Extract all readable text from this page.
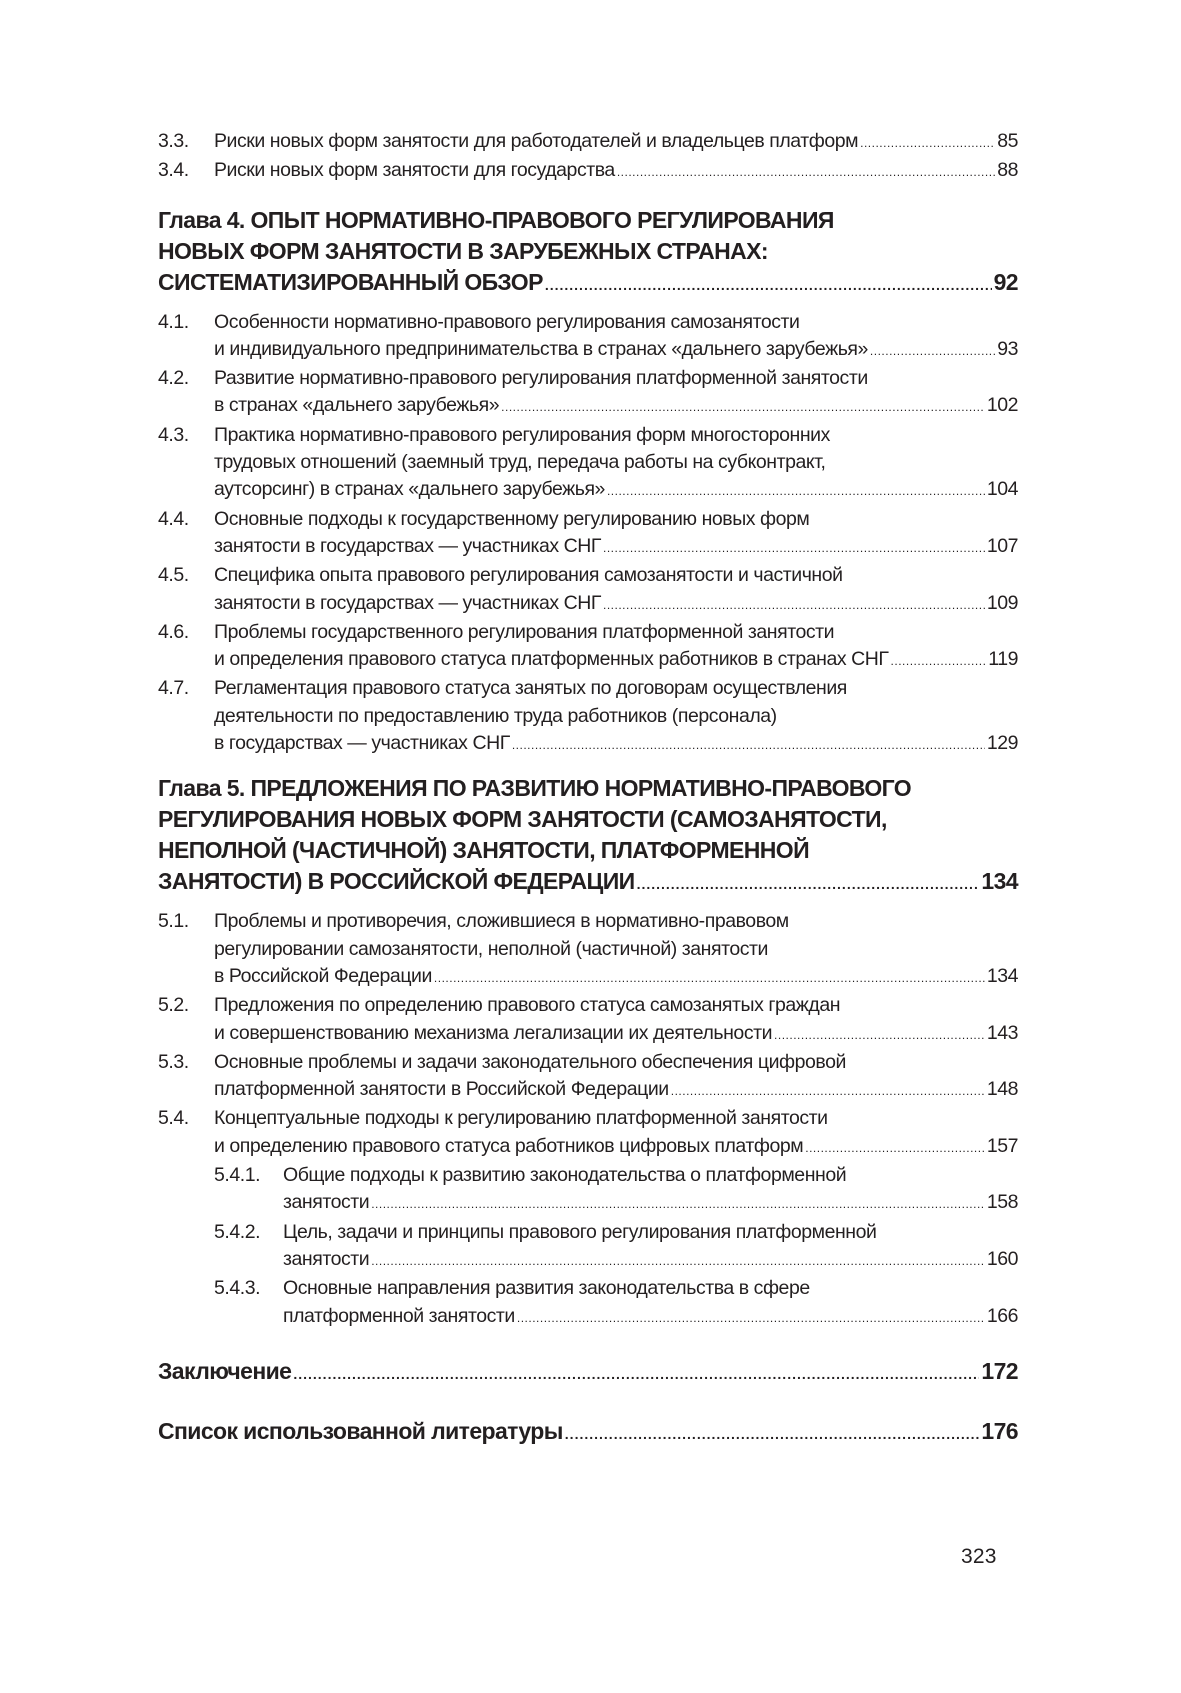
3.3. Риски новых форм занятости для работодателей и владельцев платформ .....	85
3.4. Риски новых форм занятости для государства .....	88
Глава 4. ОПЫТ НОРМАТИВНО-ПРАВОВОГО РЕГУЛИРОВАНИЯ
НОВЫХ ФОРМ ЗАНЯТОСТИ В ЗАРУБЕЖНЫХ СТРАНАХ:
СИСТЕМАТИЗИРОВАННЫЙ ОБЗОР .....	92
4.1. Особенности нормативно-правового регулирования самозанятости
и индивидуального предпринимательства в странах «дальнего зарубежья» .....	93
4.2. Развитие нормативно-правового регулирования платформенной занятости
в странах «дальнего зарубежья» .....	102
4.3. Практика нормативно-правового регулирования форм многосторонних
трудовых отношений (заемный труд, передача работы на субконтракт,
аутсорсинг) в странах «дальнего зарубежья» .....	104
4.4. Основные подходы к государственному регулированию новых форм
занятости в государствах — участниках СНГ .....	107
4.5. Специфика опыта правового регулирования самозанятости и частичной
занятости в государствах — участниках СНГ .....	109
4.6. Проблемы государственного регулирования платформенной занятости
и определения правового статуса платформенных работников в странах СНГ .....	119
4.7. Регламентация правового статуса занятых по договорам осуществления
деятельности по предоставлению труда работников (персонала)
в государствах — участниках СНГ .....	129
Глава 5. ПРЕДЛОЖЕНИЯ ПО РАЗВИТИЮ НОРМАТИВНО-ПРАВОВОГО
РЕГУЛИРОВАНИЯ НОВЫХ ФОРМ ЗАНЯТОСТИ (САМОЗАНЯТОСТИ,
НЕПОЛНОЙ (ЧАСТИЧНОЙ) ЗАНЯТОСТИ, ПЛАТФОРМЕННОЙ
ЗАНЯТОСТИ) В РОССИЙСКОЙ ФЕДЕРАЦИИ .....	134
5.1. Проблемы и противоречия, сложившиеся в нормативно-правовом
регулировании самозанятости, неполной (частичной) занятости
в Российской Федерации .....	134
5.2. Предложения по определению правового статуса самозанятых граждан
и совершенствованию механизма легализации их деятельности .....	143
5.3. Основные проблемы и задачи законодательного обеспечения цифровой
платформенной занятости в Российской Федерации .....	148
5.4. Концептуальные подходы к регулированию платформенной занятости
и определению правового статуса работников цифровых платформ .....	157
5.4.1. Общие подходы к развитию законодательства о платформенной
занятости .....	158
5.4.2. Цель, задачи и принципы правового регулирования платформенной
занятости .....	160
5.4.3. Основные направления развития законодательства в сфере
платформенной занятости .....	166
Заключение .....	172
Список использованной литературы .....	176
323
